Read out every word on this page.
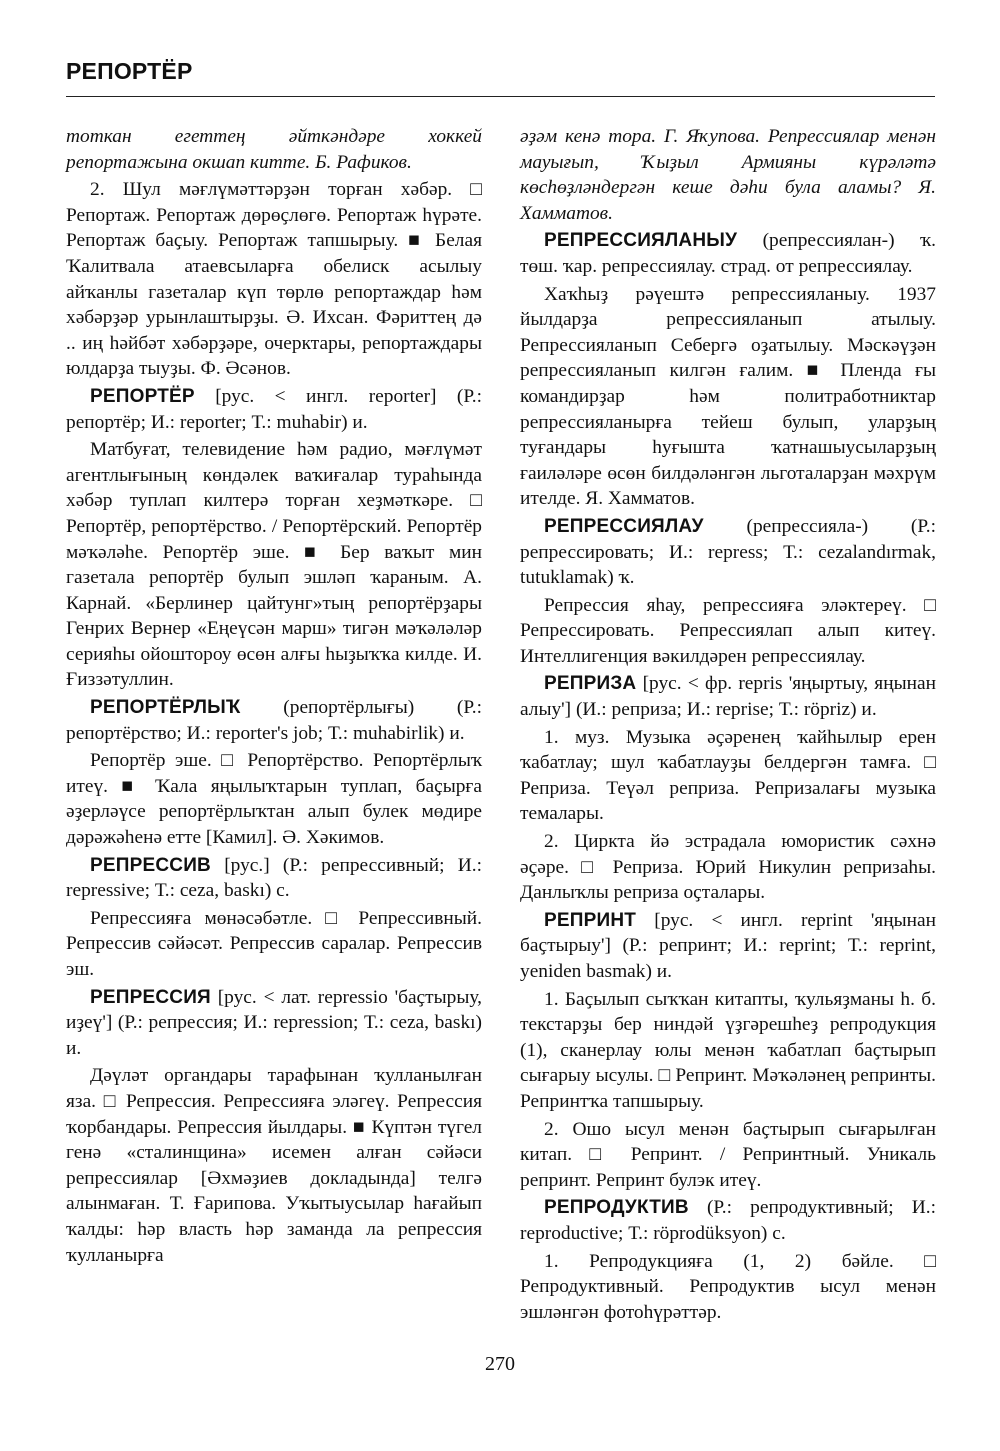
РЕПОРТЁР

тоткан егеттең әйткәндәре хоккей репортажына окшап китте. Б. Рафиков.

2. Шул мәғлүмәттәрҙән торған хәбәр. □ Репортаж. Репортаж дөрөҫлөгө. Репортаж һүрәте. Репортаж баҫыу. Репортаж тапшырыу. ■ Белая Ҡалитвала атаевсыларға обелиск асылыу айҡанлы газеталар күп төрлө репортаждар һәм хәбәрҙәр урынлаштырҙы. Ә. Ихсан. Фәриттең дә .. иң һәйбәт хәбәрҙәре, очерктары, репортаждары юлдарҙа тыуҙы. Ф. Әсәнов.

РЕПОРТЁР [рус. < ингл. reporter] (Р.: репортёр; И.: reporter; Т.: muhabir) и.

Матбуғат, телевидение һәм радио, мәғлүмәт агентлығының көндәлек ваҡиғалар тураһында хәбәр туплап килтерә торған хеҙмәткәре. □ Репортёр, репортёрство. / Репортёрский. Репортёр мәҡәләһе. Репортёр эше. ■ Бер ваҡыт мин газетала репортёр булып эшләп ҡараным. А. Карнай. «Берлинер цайтунг»тың репортёрҙары Генрих Вернер «Еңеүсән марш» тигән мәҡәләләр серияһы ойоштороу өсөн алғы һыҙыҡҡа килде. И. Ғиззәтуллин.

РЕПОРТЁРЛЫҠ (репортёрлығы) (Р.: репортёрство; И.: reporter's job; Т.: muhabirlik) и.

Репортёр эше. □ Репортёрство. Репортёрлыҡ итеү. ■ Ҡала яңылыҡтарын туплап, баҫырға әҙерләүсе репортёрлыҡтан алып булек мөдире дәрәжәһенә етте [Камил]. Ә. Хәкимов.

РЕПРЕССИВ [рус.] (Р.: репрессивный; И.: repressive; Т.: ceza, baskı) с.

Репрессияға мөнәсәбәтле. □ Репрессивный. Репрессив сәйәсәт. Репрессив саралар. Репрессив эш.

РЕПРЕССИЯ [рус. < лат. repressio 'баҫтырыу, иҙеү'] (Р.: репрессия; И.: repression; Т.: ceza, baskı) и.

Дәүләт органдары тарафынан ҡулланылған яза. □ Репрессия. Репрессияға эләгеү. Репрессия ҡорбандары. Репрессия йылдары. ■ Күптән түгел генә «сталинщина» исемен алған сәйәси репрессиялар [Әхмәҙиев докладында] телгә алынмаған. Т. Ғарипова. Уҡытыусылар һағайып ҡалды: һәр власть һәр заманда ла репрессия ҡулланырға

әҙәм кенә тора. Г. Яҡупова. Репрессиялар менән мауығып, Ҡыҙыл Армияны күрәләтә көсһөҙләндергән кеше дәһи була аламы? Я. Хамматов.

РЕПРЕССИЯЛАНЫУ (репрессиялан-) ҡ. төш. ҡар. репрессиялау. страд. от репрессиялау.

Хаҡһыҙ рәүештә репрессияланыу. 1937 йылдарҙа репрессияланып атылыу. Репрессияланып Себергә оҙатылыу. Мәскәүҙән репрессияланып килгән ғалим. ■ Пленда ғы командирҙар һәм политработниктар репрессияланырға тейеш булып, уларҙың туғандары һуғышта ҡатнашыусыларҙың ғаиләләре өсөн билдәләнгән льготаларҙан мәхрүм ителде. Я. Хамматов.

РЕПРЕССИЯЛАУ (репрессияла-) (Р.: репрессировать; И.: repress; Т.: cezalandırmak, tutuklamak) ҡ.

Репрессия яһау, репрессияға эләктереү. □ Репрессировать. Репрессиялап алып китеү. Интеллигенция вәкилдәрен репрессиялау.

РЕПРИЗА [рус. < фр. repris 'яңыртыу, яңынан алыу'] (И.: реприза; И.: reprise; Т.: röpriz) и.

1. муз. Музыка әҫәренең ҡайһылыр ерен ҡабатлау; шул ҡабатлауҙы белдергән тамға. □ Реприза. Теүәл реприза. Репризалағы музыка темалары.

2. Циркта йә эстрадала юмористик сәхнә әҫәре. □ Реприза. Юрий Никулин репризаһы. Данлыҡлы реприза оҫталары.

РЕПРИНТ [рус. < ингл. reprint 'яңынан баҫтырыу'] (Р.: репринт; И.: reprint; Т.: reprint, yeniden basmak) и.

1. Баҫылып сыҡҡан китапты, ҡульяҙманы h. б. текстарҙы бер ниндәй үҙгәрешһеҙ репродукция (1), сканерлау юлы менән ҡабатлап баҫтырып сығарыу ысулы. □ Репринт. Мәҡәләнең репринты. Репринтҡа тапшырыу.

2. Ошо ысул менән баҫтырып сығарылған китап. □ Репринт. / Репринтный. Уникаль репринт. Репринт булэк итеү.

РЕПРОДУКТИВ (Р.: репродуктивный; И.: reproductive; Т.: röprodüksyon) с.

1. Репродукцияға (1, 2) бәйле. □ Репродуктивный. Репродуктив ысул менән эшләнгән фотоһүрәттәр.

270
